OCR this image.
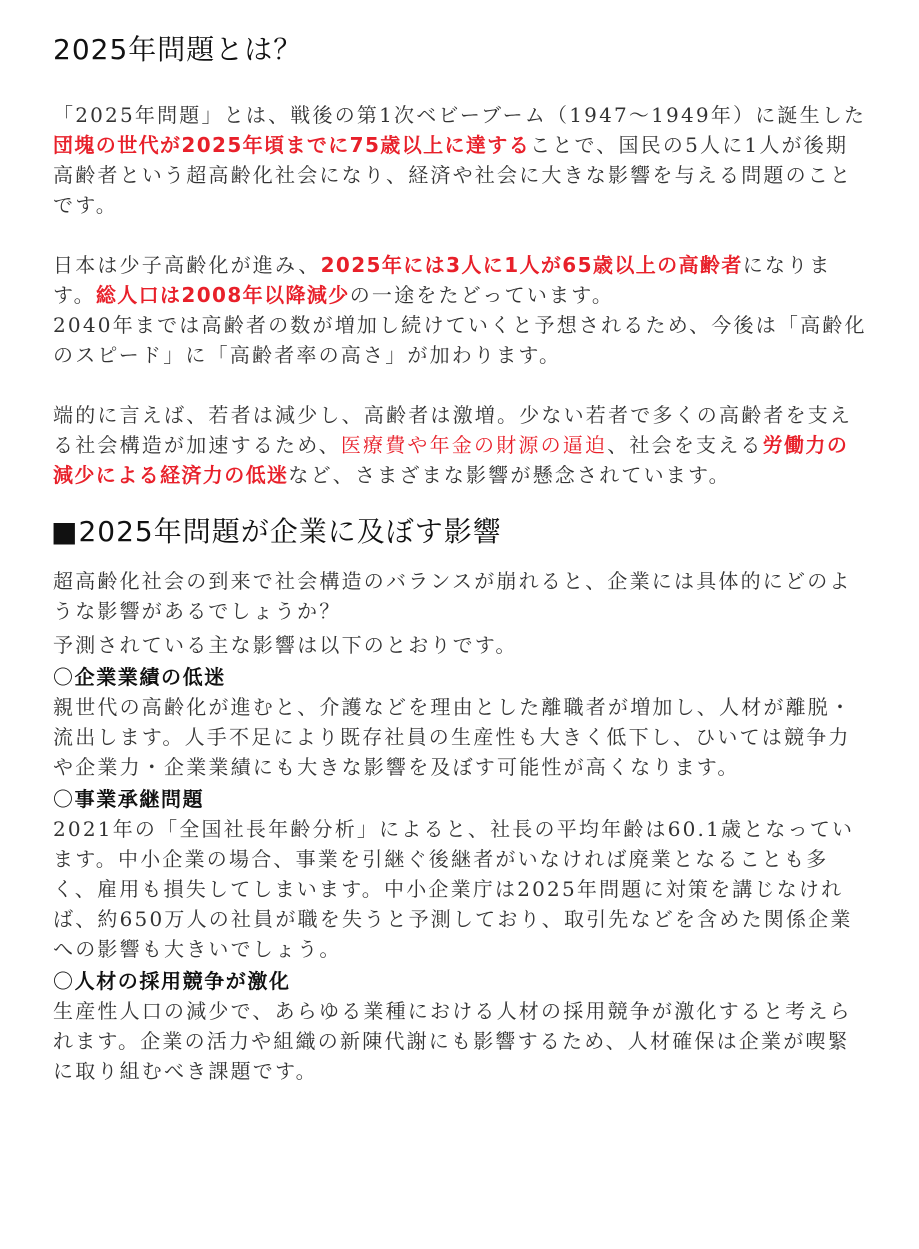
2025年問題とは？

「2025年問題」とは、戦後の第1次ベビーブーム（1947〜1949年）に誕生した団塊の世代が2025年頃までに75歳以上に達することで、国民の5人に1人が後期高齢者という超高齢化社会になり、経済や社会に大きな影響を与える問題のことです。

日本は少子高齢化が進み、2025年には3人に1人が65歳以上の高齢者になります。総人口は2008年以降減少の一途をたどっています。

2040年までは高齢者の数が増加し続けていくと予想されるため、今後は「高齢化のスピード」に「高齢者率の高さ」が加わります。

端的に言えば、若者は減少し、高齢者は激増。少ない若者で多くの高齢者を支える社会構造が加速するため、医療費や年金の財源の逼迫、社会を支える労働力の減少による経済力の低迷など、さまざまな影響が懸念されています。

■2025年問題が企業に及ぼす影響

超高齢化社会の到来で社会構造のバランスが崩れると、企業には具体的にどのような影響があるでしょうか？

予測されている主な影響は以下のとおりです。

〇企業業績の低迷

親世代の高齢化が進むと、介護などを理由とした離職者が増加し、人材が離脱・流出します。人手不足により既存社員の生産性も大きく低下し、ひいては競争力や企業力・企業業績にも大きな影響を及ぼす可能性が高くなります。

〇事業承継問題

2021年の「全国社長年齢分析」によると、社長の平均年齢は60.1歳となっています。中小企業の場合、事業を引継ぐ後継者がいなければ廃業となることも多く、雇用も損失してしまいます。中小企業庁は2025年問題に対策を講じなければ、約650万人の社員が職を失うと予測しており、取引先などを含めた関係企業への影響も大きいでしょう。

〇人材の採用競争が激化

生産性人口の減少で、あらゆる業種における人材の採用競争が激化すると考えられます。企業の活力や組織の新陳代謝にも影響するため、人材確保は企業が喫緊に取り組むべき課題です。
